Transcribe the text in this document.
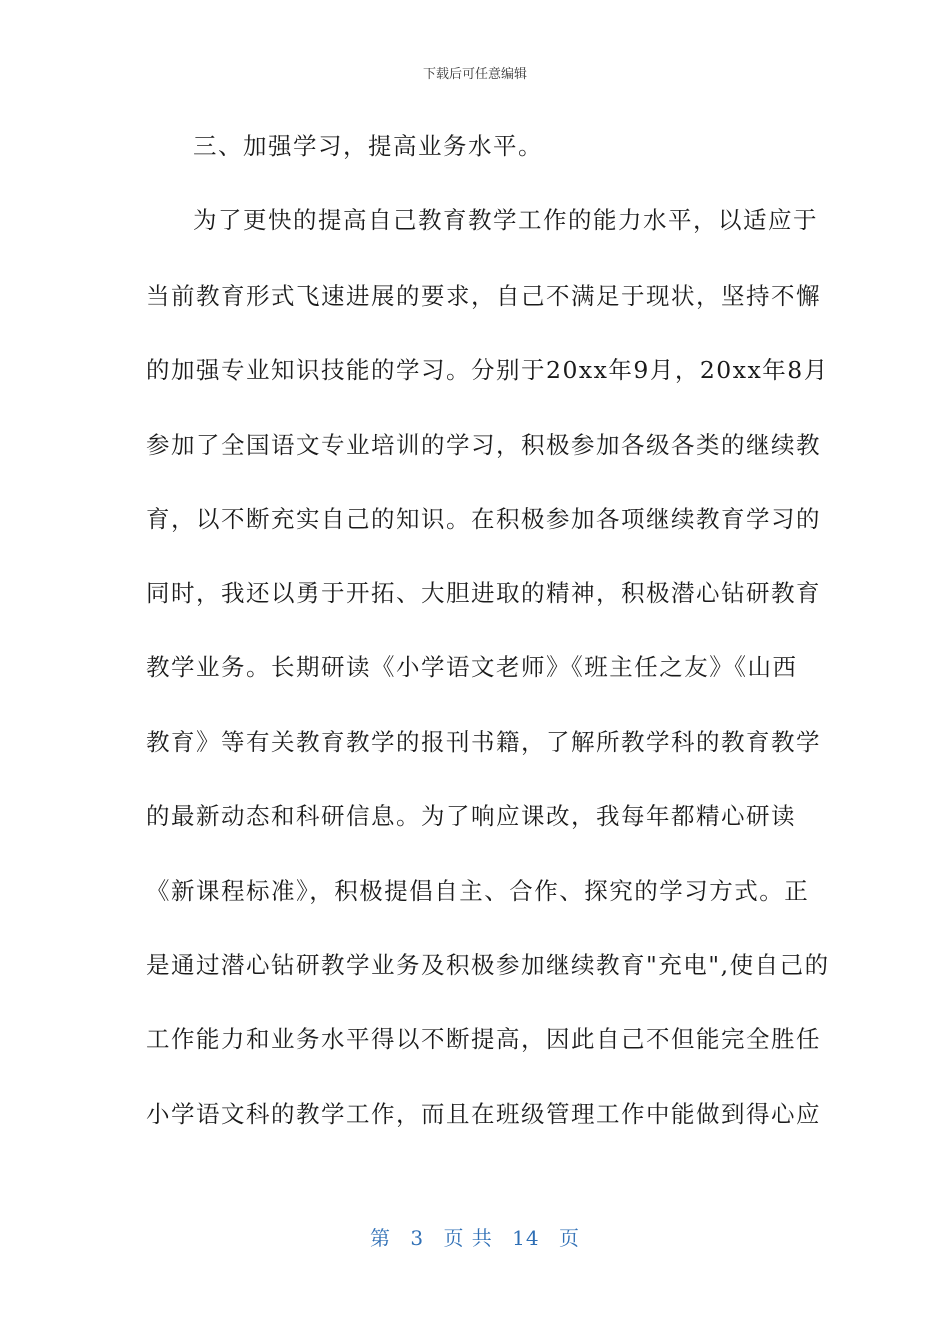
下载后可任意编辑
三、加强学习，提高业务水平。
为了更快的提高自己教育教学工作的能力水平，以适应于
当前教育形式飞速进展的要求，自己不满足于现状，坚持不懈
的加强专业知识技能的学习。分别于20xx年9月，20xx年8月
参加了全国语文专业培训的学习，积极参加各级各类的继续教
育，以不断充实自己的知识。在积极参加各项继续教育学习的
同时，我还以勇于开拓、大胆进取的精神，积极潜心钻研教育
教学业务。长期研读《小学语文老师》《班主任之友》《山西
教育》等有关教育教学的报刊书籍，了解所教学科的教育教学
的最新动态和科研信息。为了响应课改，我每年都精心研读
《新课程标准》，积极提倡自主、合作、探究的学习方式。正
是通过潜心钻研教学业务及积极参加继续教育"充电",使自己的
工作能力和业务水平得以不断提高，因此自己不但能完全胜任
小学语文科的教学工作，而且在班级管理工作中能做到得心应
第 3 页 共 14 页
